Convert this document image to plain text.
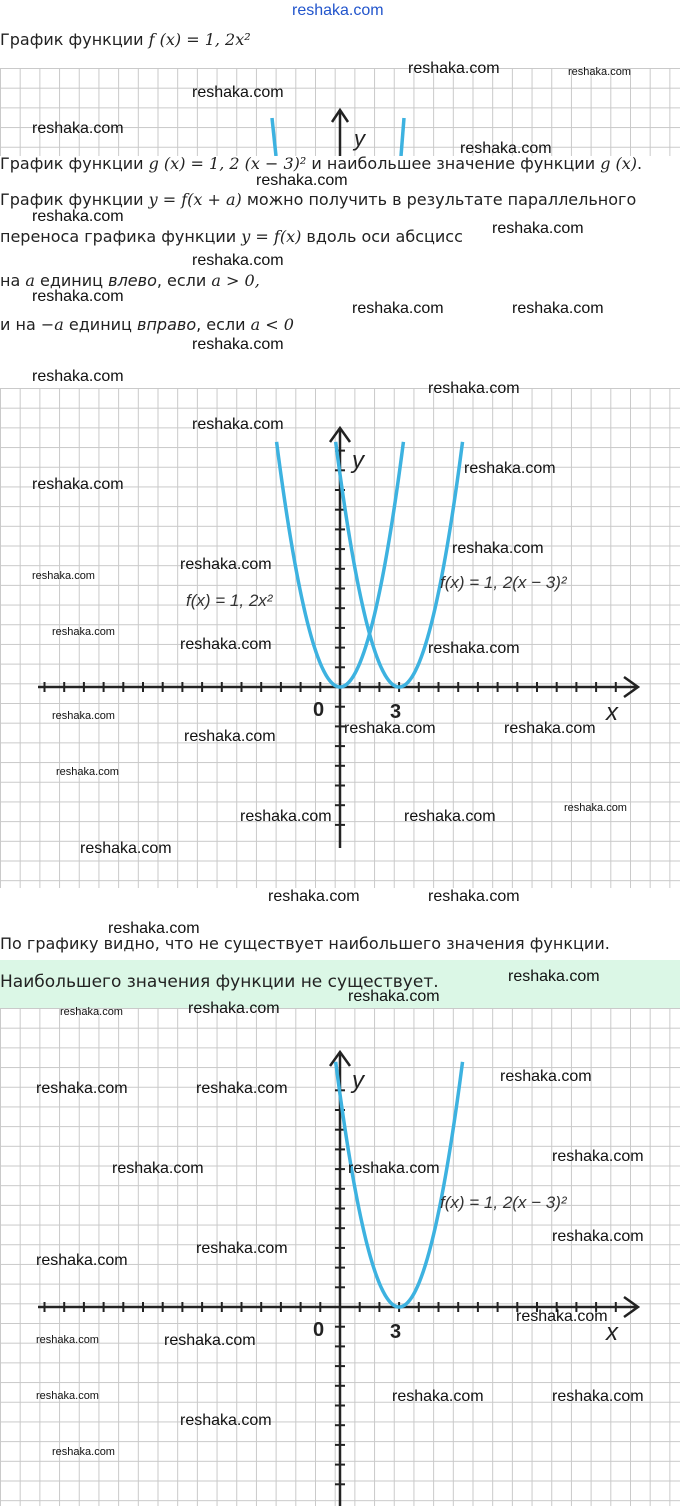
reshaka.com
График функции f (x) = 1, 2x²
y
График функции g (x) = 1, 2 (x − 3)² и наибольшее значение функции g (x).
График функции y = f(x + a) можно получить в результате параллельного
переноса графика функции y = f(x) вдоль оси абсцисс
на a единиц влево, если a > 0,
и на −a единиц вправо, если a < 0
y
x
0	3
f(x) = 1, 2x²
f(x) = 1, 2(x − 3)²
По графику видно, что не существует наибольшего значения функции.
Наибольшего значения функции не существует.
y
x
0	3
f(x) = 1, 2(x − 3)²
reshaka.com	reshaka.com
reshaka.com
reshaka.com
reshaka.com
reshaka.com
reshaka.com
reshaka.com
reshaka.com
reshaka.com
reshaka.com	reshaka.com
reshaka.com
reshaka.com
reshaka.com
reshaka.com
reshaka.com
reshaka.com
reshaka.com
reshaka.com
reshaka.com
reshaka.com
reshaka.com	reshaka.com
reshaka.com
reshaka.com	reshaka.com
reshaka.com
reshaka.com
reshaka.com
reshaka.com	reshaka.com
reshaka.com
reshaka.com	reshaka.com
reshaka.com
reshaka.com
reshaka.com
reshaka.com	reshaka.com
reshaka.com
reshaka.com	reshaka.com
reshaka.com
reshaka.com	reshaka.com
reshaka.com
reshaka.com
reshaka.com
reshaka.com
reshaka.com	reshaka.com
reshaka.com	reshaka.com	reshaka.com
reshaka.com
reshaka.com
